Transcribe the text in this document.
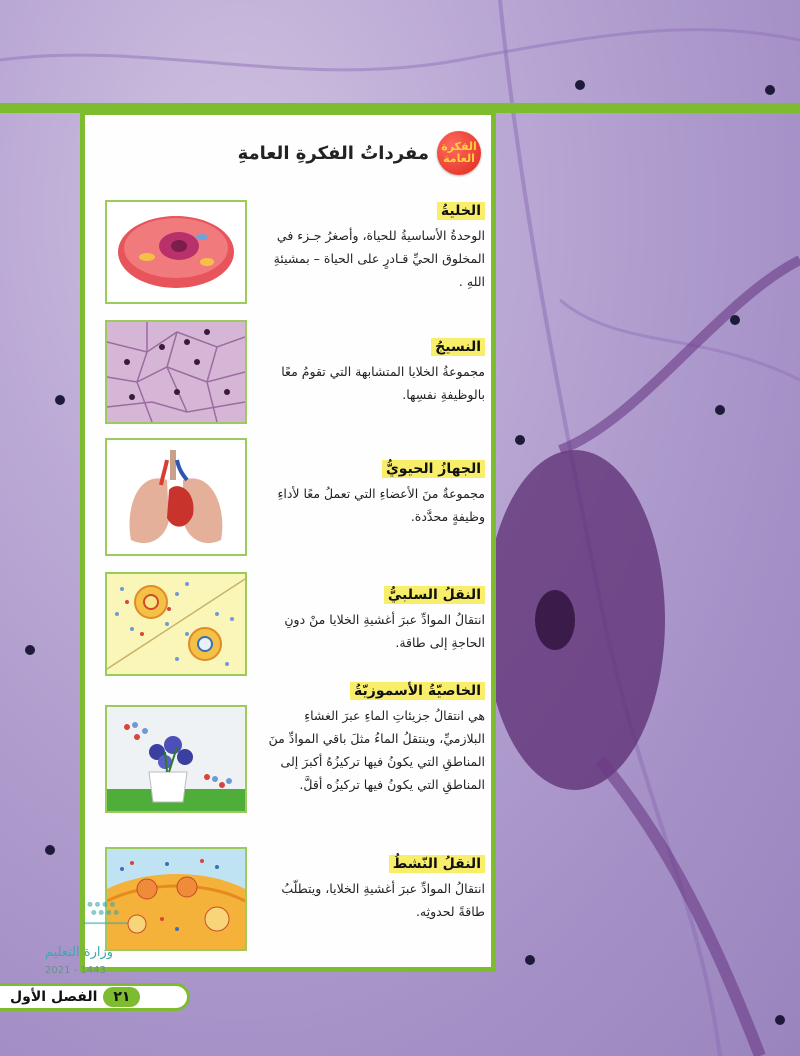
الفكرة
العامة
مفرداتُ الفكرةِ العامةِ
الخليةُ
الوحدةُ الأساسيةُ للحياة، وأصغرُ جـزء في المخلوق الحيِّ قـادرٍ على الحياة – بمشيئةِ اللهِ .
النسيجُ
مجموعةُ الخلايا المتشابهة التي تقومُ معًا بالوظيفةِ نفسِها.
الجهازُ الحيويُّ
مجموعةٌ منَ الأعضاءِ التي تعملُ معًا لأداءِ وظيفةٍ محدَّدة.
النقلُ السلبيُّ
انتقالُ الموادِّ عبرَ أغشيةِ الخلايا منْ دونِ الحاجةِ إلى طاقة.
الخاصيّةُ الأسموزيّةُ
هي انتقالُ جزيئاتِ الماءِ عبرَ الغشاءِ البلازميِّ، وينتقلُ الماءُ مثلَ باقي الموادِّ منَ المناطقِ التي يكونُ فيها تركيزُهُ أكبرَ إلى المناطقِ التي يكونُ فيها تركيزُه أقلَّ.
النقلُ النّشطُ
انتقالُ الموادِّ عبرَ أغشيةِ الخلايا، ويتطلّبُ طاقةً لحدوثِه.
وزارة التعليم
2021 - 1443
٢١
الفصل الأول
